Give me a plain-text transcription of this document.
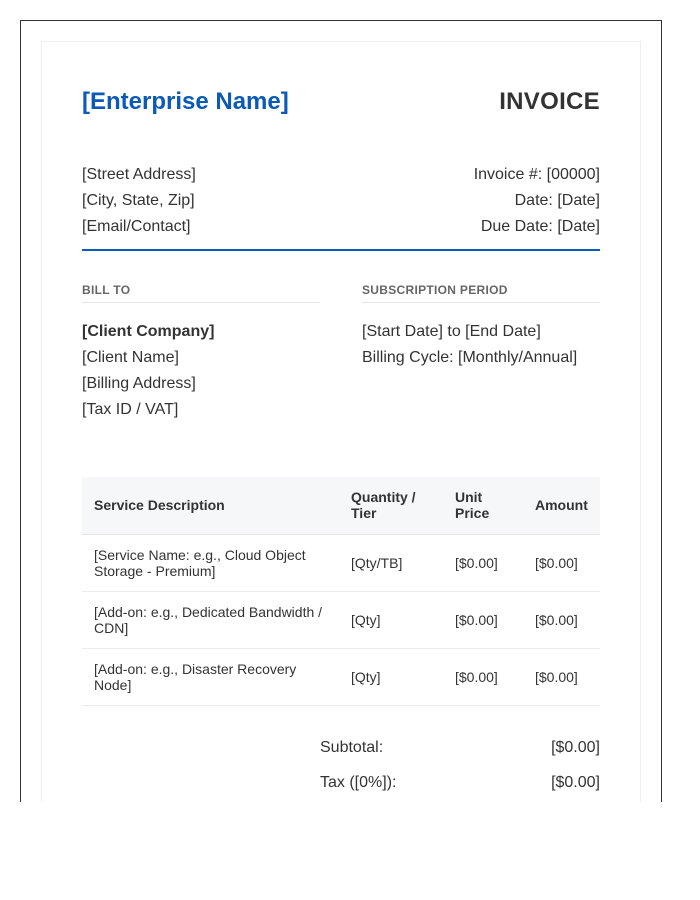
[Enterprise Name]	INVOICE
[Street Address]
[City, State, Zip]
[Email/Contact]
Invoice #: [00000]
Date: [Date]
Due Date: [Date]
BILL TO
[Client Company]
[Client Name]
[Billing Address]
[Tax ID / VAT]
SUBSCRIPTION PERIOD
[Start Date] to [End Date]
Billing Cycle: [Monthly/Annual]
Service Description	Quantity / Tier	Unit Price	Amount
[Service Name: e.g., Cloud Object Storage - Premium]	[Qty/TB]	[$0.00]	[$0.00]
[Add-on: e.g., Dedicated Bandwidth / CDN]	[Qty]	[$0.00]	[$0.00]
[Add-on: e.g., Disaster Recovery Node]	[Qty]	[$0.00]	[$0.00]
Subtotal:	[$0.00]
Tax ([0%]):	[$0.00]
